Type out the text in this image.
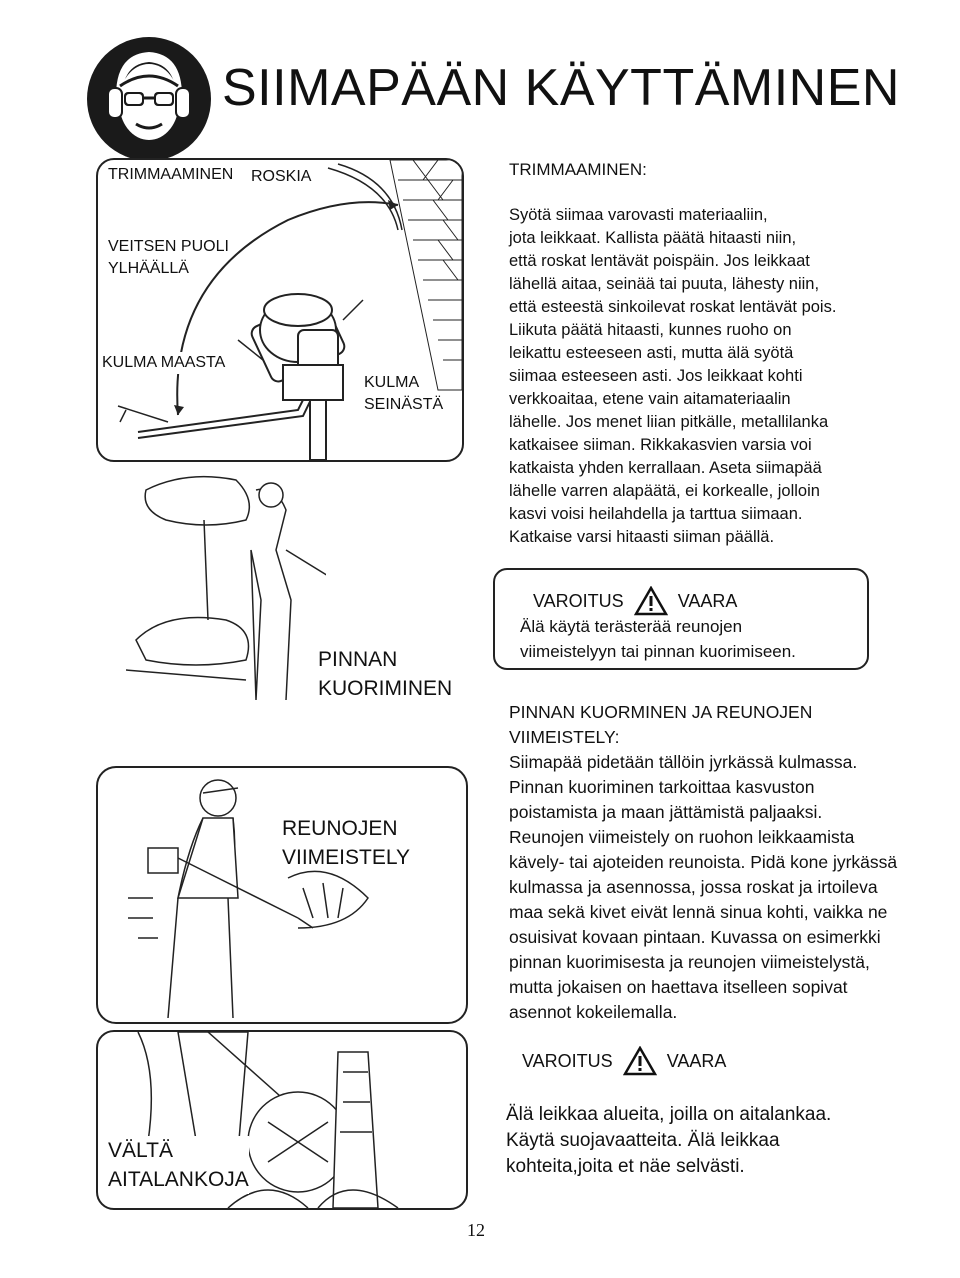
SIIMAPÄÄN KÄYTTÄMINEN
TRIMMAAMINEN ROSKIA
VEITSEN PUOLI
YLHÄÄLLÄ
KULMA MAASTA
KULMA
SEINÄSTÄ
TRIMMAAMINEN:
Syötä siimaa varovasti materiaaliin,
jota leikkaat. Kallista päätä hitaasti niin,
että roskat lentävät poispäin. Jos leikkaat
lähellä aitaa, seinää tai puuta, lähesty niin,
että esteestä sinkoilevat roskat lentävät pois.
Liikuta päätä hitaasti, kunnes ruoho on
leikattu esteeseen asti, mutta älä syötä
siimaa esteeseen asti. Jos leikkaat kohti
verkkoaitaa, etene vain aitamateriaalin
lähelle. Jos menet liian pitkälle, metallilanka
katkaisee siiman. Rikkakasvien varsia voi
katkaista yhden kerrallaan. Aseta siimapää
lähelle varren alapäätä, ei korkealle, jolloin
kasvi voisi heilahdella ja tarttua siimaan.
Katkaise varsi hitaasti siiman päällä.
PINNAN
KUORIMINEN
VAROITUS	VAARA
Älä käytä terästerää reunojen
viimeistelyyn tai pinnan kuorimiseen.
REUNOJEN
VIIMEISTELY
PINNAN KUORMINEN JA REUNOJEN
VIIMEISTELY:
Siimapää pidetään tällöin jyrkässä kulmassa.
Pinnan kuoriminen tarkoittaa kasvuston
poistamista ja maan jättämistä paljaaksi.
Reunojen viimeistely on ruohon leikkaamista
kävely- tai ajoteiden reunoista. Pidä kone jyrkässä
kulmassa ja asennossa, jossa roskat ja irtoileva
maa sekä kivet eivät lennä sinua kohti, vaikka ne
osuisivat kovaan pintaan. Kuvassa on esimerkki
pinnan kuorimisesta ja reunojen viimeistelystä,
mutta jokaisen on haettava itselleen sopivat
asennot kokeilemalla.
VÄLTÄ
AITALANKOJA
VAROITUS	VAARA
Älä leikkaa alueita, joilla on aitalankaa.
Käytä suojavaatteita. Älä leikkaa
kohteita,joita et näe selvästi.
12
